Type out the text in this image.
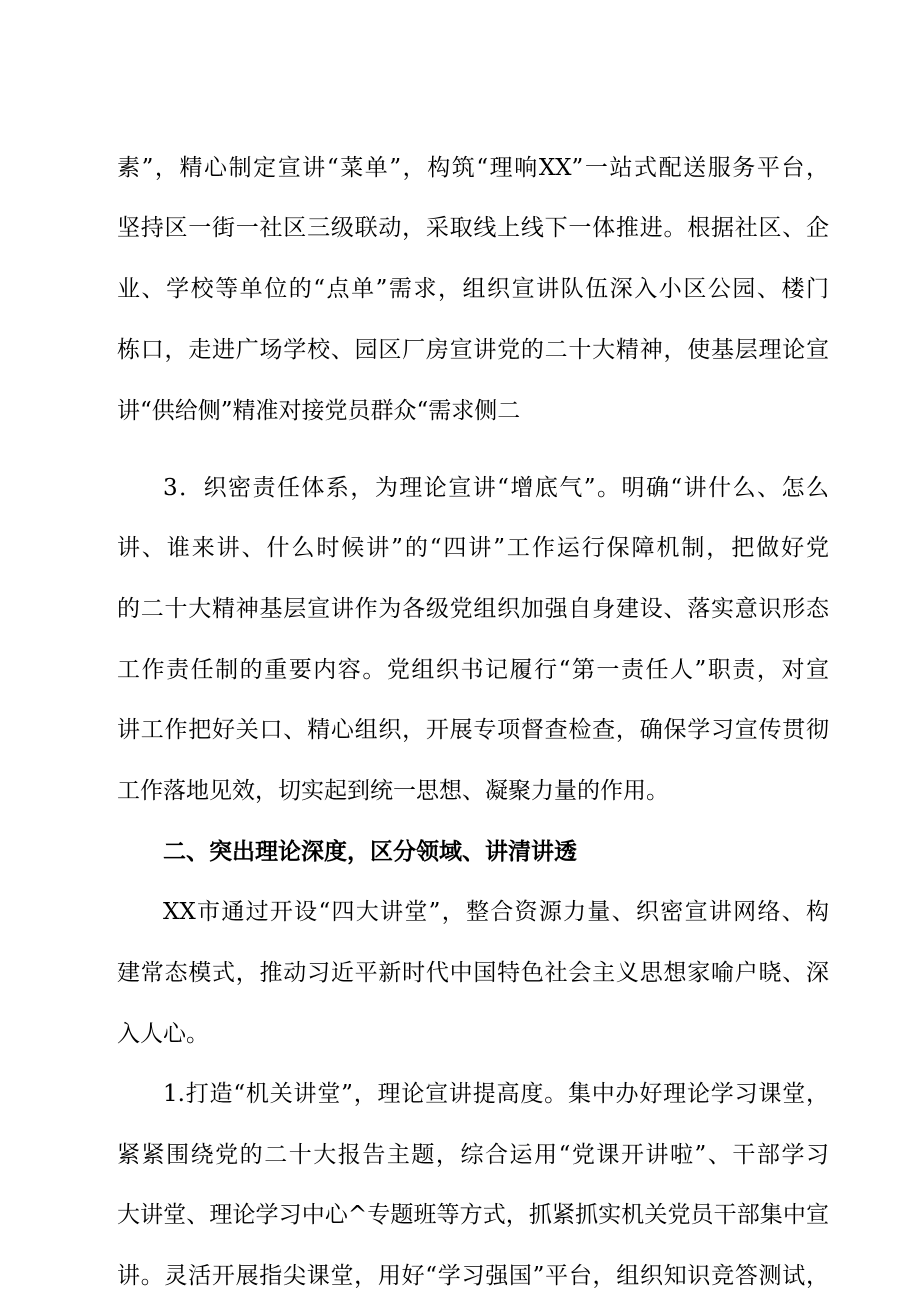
素”，精心制定宣讲“菜单”，构筑“理响XX”一站式配送服务平台，
坚持区一街一社区三级联动，采取线上线下一体推进。根据社区、企
业、学校等单位的“点单”需求，组织宣讲队伍深入小区公园、楼门
栋口，走进广场学校、园区厂房宣讲党的二十大精神，使基层理论宣
讲“供给侧”精准对接党员群众“需求侧二
3．织密责任体系，为理论宣讲“增底气”。明确“讲什么、怎么
讲、谁来讲、什么时候讲”的“四讲”工作运行保障机制，把做好党
的二十大精神基层宣讲作为各级党组织加强自身建设、落实意识形态
工作责任制的重要内容。党组织书记履行“第一责任人”职责，对宣
讲工作把好关口、精心组织，开展专项督查检查，确保学习宣传贯彻
工作落地见效，切实起到统一思想、凝聚力量的作用。
二、突出理论深度，区分领域、讲清讲透
XX市通过开设“四大讲堂”，整合资源力量、织密宣讲网络、构
建常态模式，推动习近平新时代中国特色社会主义思想家喻户晓、深
入人心。
1.打造“机关讲堂”，理论宣讲提高度。集中办好理论学习课堂，
紧紧围绕党的二十大报告主题，综合运用“党课开讲啦”、干部学习
大讲堂、理论学习中心^专题班等方式，抓紧抓实机关党员干部集中宣
讲。灵活开展指尖课堂，用好“学习强国”平台，组织知识竞答测试，
